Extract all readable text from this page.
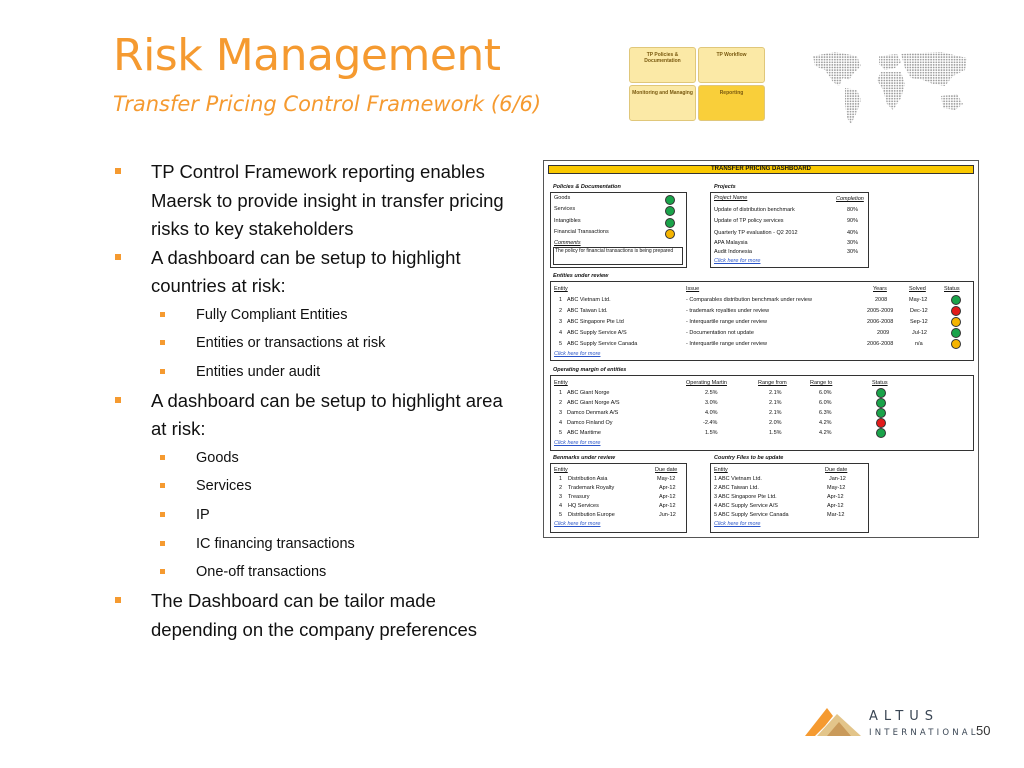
Risk Management
Transfer Pricing Control Framework (6/6)
TP Policies & Documentation
TP Workflow
Monitoring and Managing	Reporting
TP Control Framework reporting enables Maersk to provide insight in transfer pricing risks to key stakeholders
A dashboard can be setup to highlight countries at risk:
Fully Compliant Entities
Entities or transactions at risk
Entities under audit
A dashboard can be setup to highlight area at risk:
Goods
Services
IP
IC financing transactions
One-off transactions
The Dashboard can be tailor made depending on the company preferences
TRANSFER PRICING DASHBOARD
Policies & Documentation
Goods
Services
Intangibles
Financial Transactions
Comments
The policy for financial transactions is being prepared
Projects
Project Name	Completion
Update of distribution benchmark	80%
Update of TP policy services	90%
Quarterly TP evaluation - Q2 2012	40%
APA Malaysia	30%
Audit Indonesia	30%
Click here for more
Entities under review
Entity	Issue	Years	Solved	Status
1 ABC Vietnam Ltd.	- Comparables distribution benchmark under review	2008	May-12
2 ABC Taiwan Ltd.	- trademark royalties under review	2005-2009	Dec-12
3 ABC Singapore Pte Ltd	- Interquartile range under review	2006-2008	Sep-12
4 ABC Supply Service A/S	- Documentation not update	2009	Jul-12
5 ABC Supply Service Canada	- Interquartile range under review	2006-2008	n/a
Click here for more
Operating margin of entities
Entity	Operating Martin	Range from	Range to	Status
1 ABC Giant Norge	2.5%	2.1%	6.0%
2 ABC Giant Norge A/S	3.0%	2.1%	6.0%
3 Damco Denmark A/S	4.0%	2.1%	6.3%
4 Damco Finland Oy	-2.4%	2.0%	4.2%
5 ABC Maritime	1.5%	1.5%	4.2%
Click here for more
Benmarks under review
Entity	Due date
1 Distribution Asia	May-12
2 Trademark Royalty	Apr-12
3 Treasury	Apr-12
4 HQ Services	Apr-12
5 Distribution Europe	Jun-12
Click here for more
Country Files to be update
Entity	Due date
1 ABC Vietnam Ltd.	Jan-12
2 ABC Taiwan Ltd.	May-12
3 ABC Singapore Pte Ltd.	Apr-12
4 ABC Supply Service A/S	Apr-12
5 ABC Supply Service Canada	Mar-12
Click here for more
ALTUS
INTERNATIONAL
50
